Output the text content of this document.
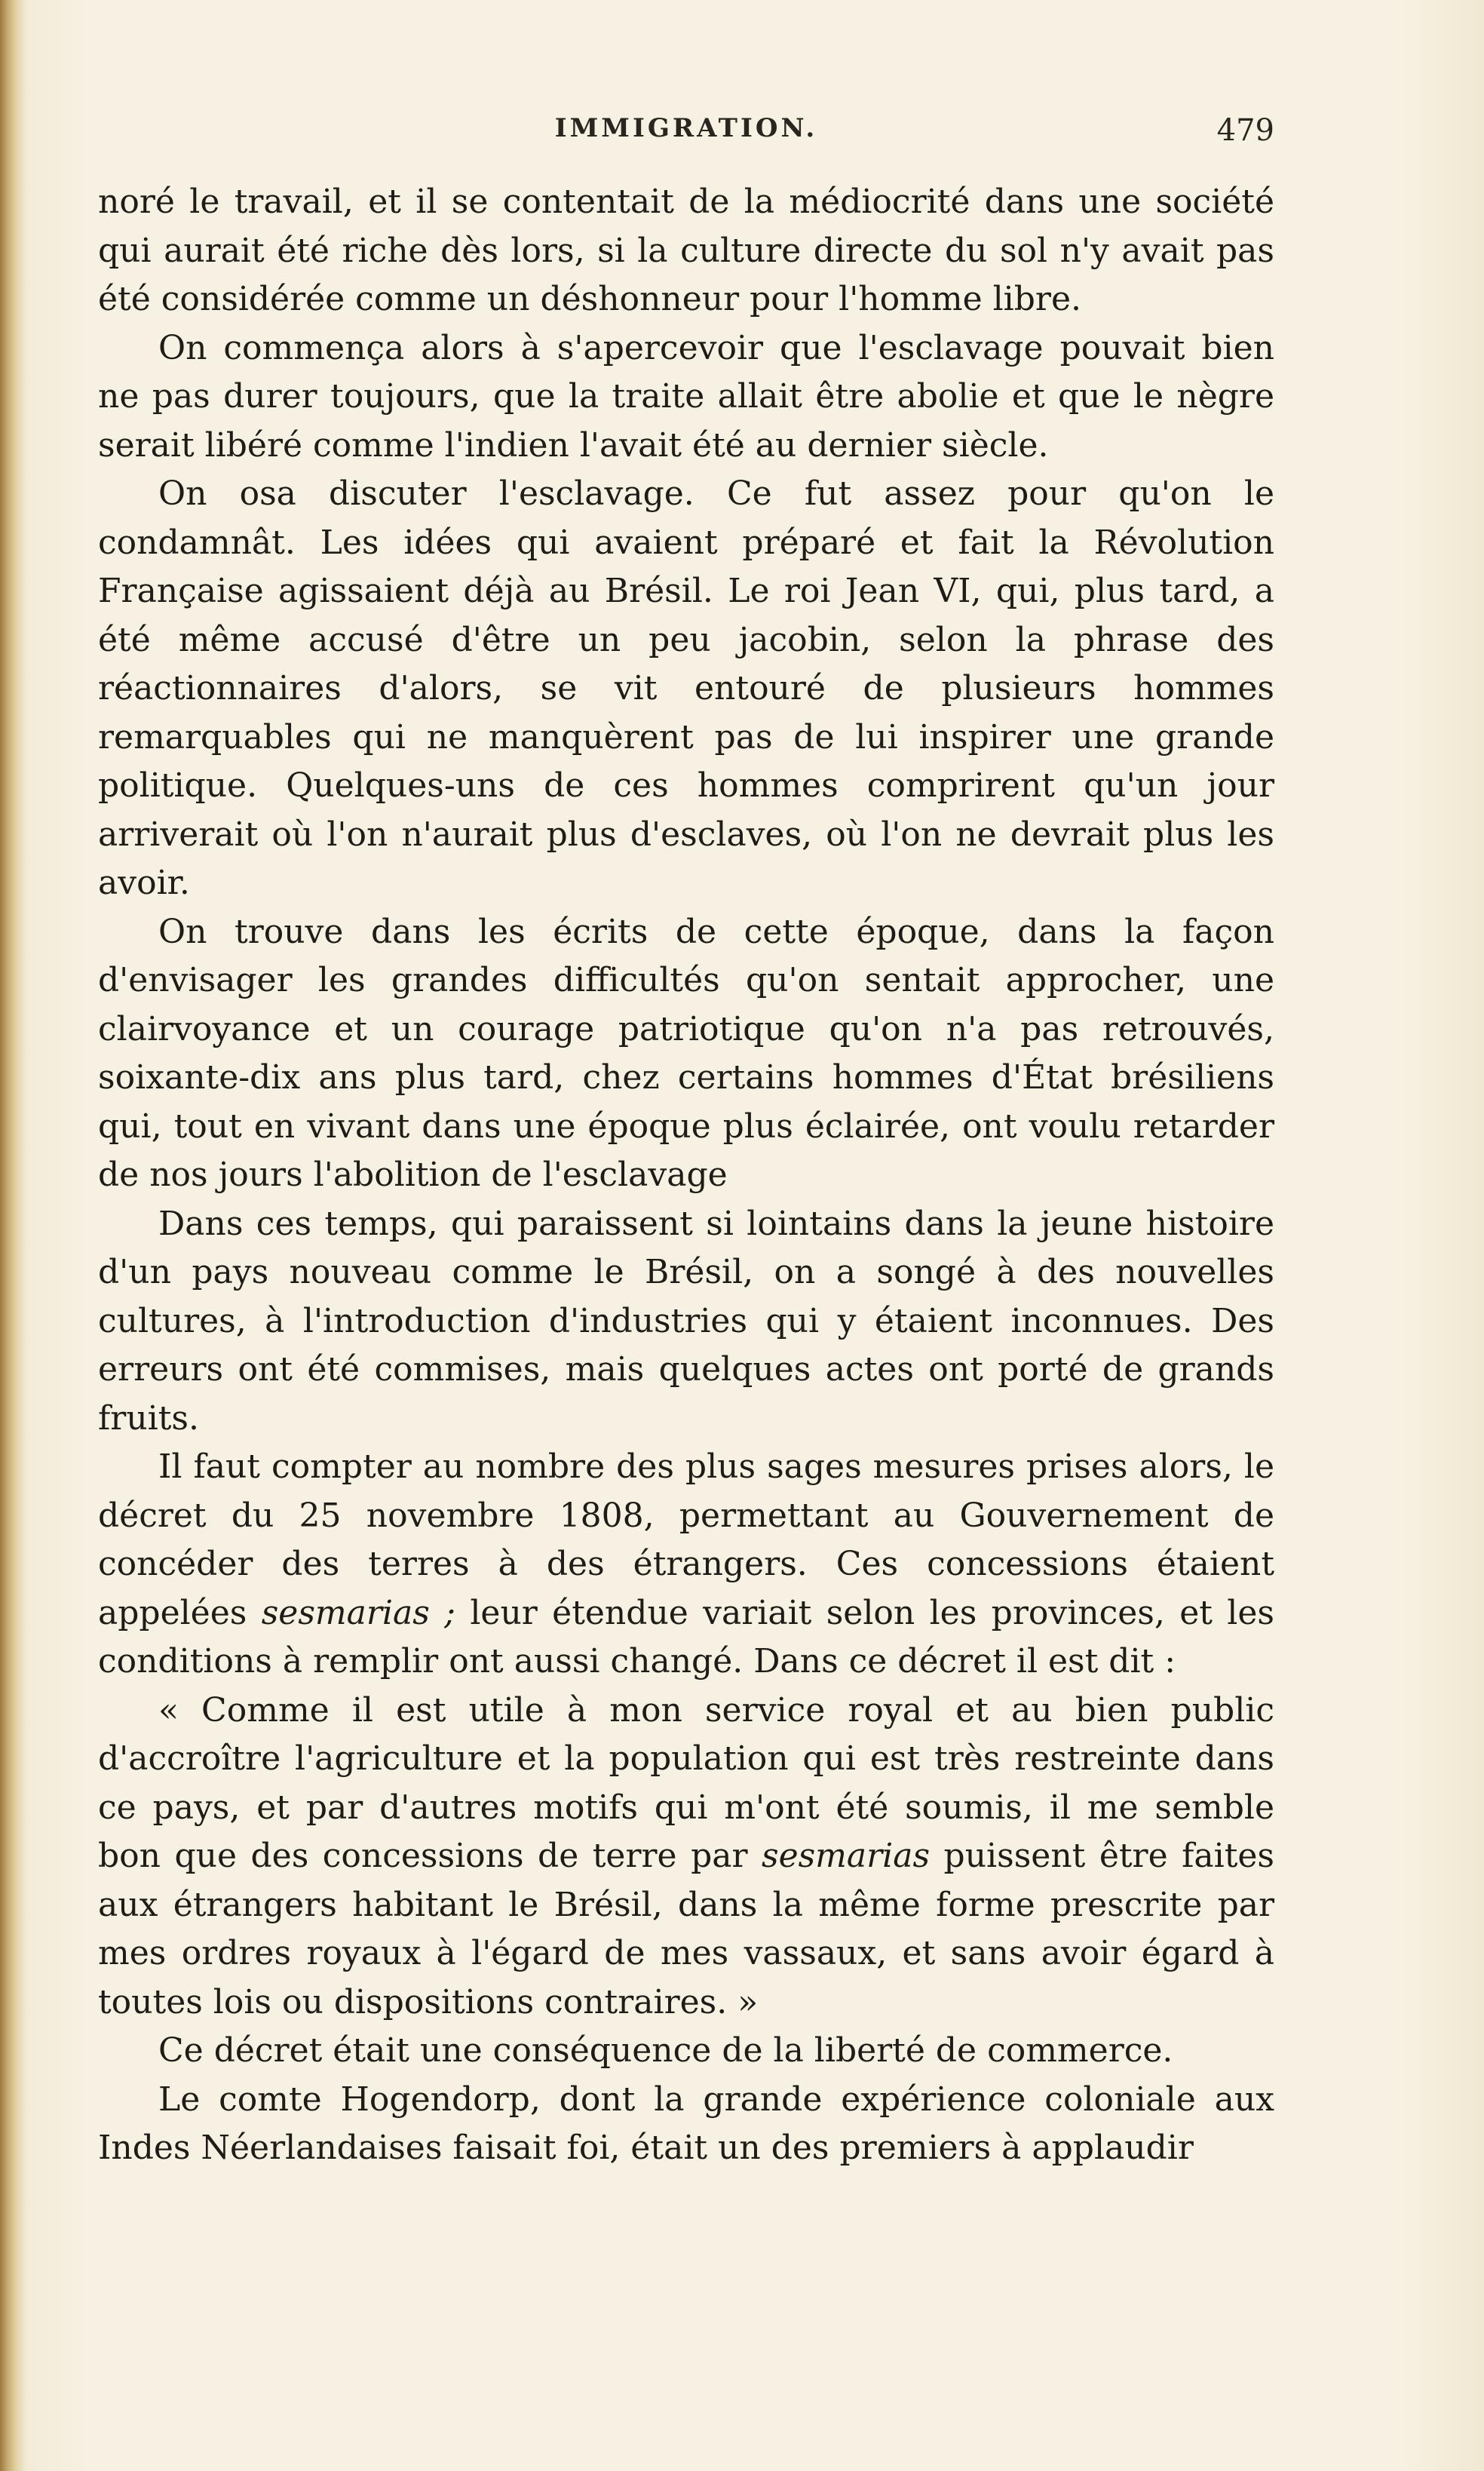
IMMIGRATION.	479

noré le travail, et il se contentait de la médiocrité dans une société qui aurait été riche dès lors, si la culture directe du sol n'y avait pas été considérée comme un déshonneur pour l'homme libre.

On commença alors à s'apercevoir que l'esclavage pouvait bien ne pas durer toujours, que la traite allait être abolie et que le nègre serait libéré comme l'indien l'avait été au dernier siècle.

On osa discuter l'esclavage. Ce fut assez pour qu'on le condamnât. Les idées qui avaient préparé et fait la Révolution Française agissaient déjà au Brésil. Le roi Jean VI, qui, plus tard, a été même accusé d'être un peu jacobin, selon la phrase des réactionnaires d'alors, se vit entouré de plusieurs hommes remarquables qui ne manquèrent pas de lui inspirer une grande politique. Quelques-uns de ces hommes comprirent qu'un jour arriverait où l'on n'aurait plus d'esclaves, où l'on ne devrait plus les avoir.

On trouve dans les écrits de cette époque, dans la façon d'envisager les grandes difficultés qu'on sentait approcher, une clairvoyance et un courage patriotique qu'on n'a pas retrouvés, soixante-dix ans plus tard, chez certains hommes d'État brésiliens qui, tout en vivant dans une époque plus éclairée, ont voulu retarder de nos jours l'abolition de l'esclavage

Dans ces temps, qui paraissent si lointains dans la jeune histoire d'un pays nouveau comme le Brésil, on a songé à des nouvelles cultures, à l'introduction d'industries qui y étaient inconnues. Des erreurs ont été commises, mais quelques actes ont porté de grands fruits.

Il faut compter au nombre des plus sages mesures prises alors, le décret du 25 novembre 1808, permettant au Gouvernement de concéder des terres à des étrangers. Ces concessions étaient appelées sesmarias ; leur étendue variait selon les provinces, et les conditions à remplir ont aussi changé. Dans ce décret il est dit :

« Comme il est utile à mon service royal et au bien public d'accroître l'agriculture et la population qui est très restreinte dans ce pays, et par d'autres motifs qui m'ont été soumis, il me semble bon que des concessions de terre par sesmarias puissent être faites aux étrangers habitant le Brésil, dans la même forme prescrite par mes ordres royaux à l'égard de mes vassaux, et sans avoir égard à toutes lois ou dispositions contraires. »

Ce décret était une conséquence de la liberté de commerce.

Le comte Hogendorp, dont la grande expérience coloniale aux Indes Néerlandaises faisait foi, était un des premiers à applaudir
